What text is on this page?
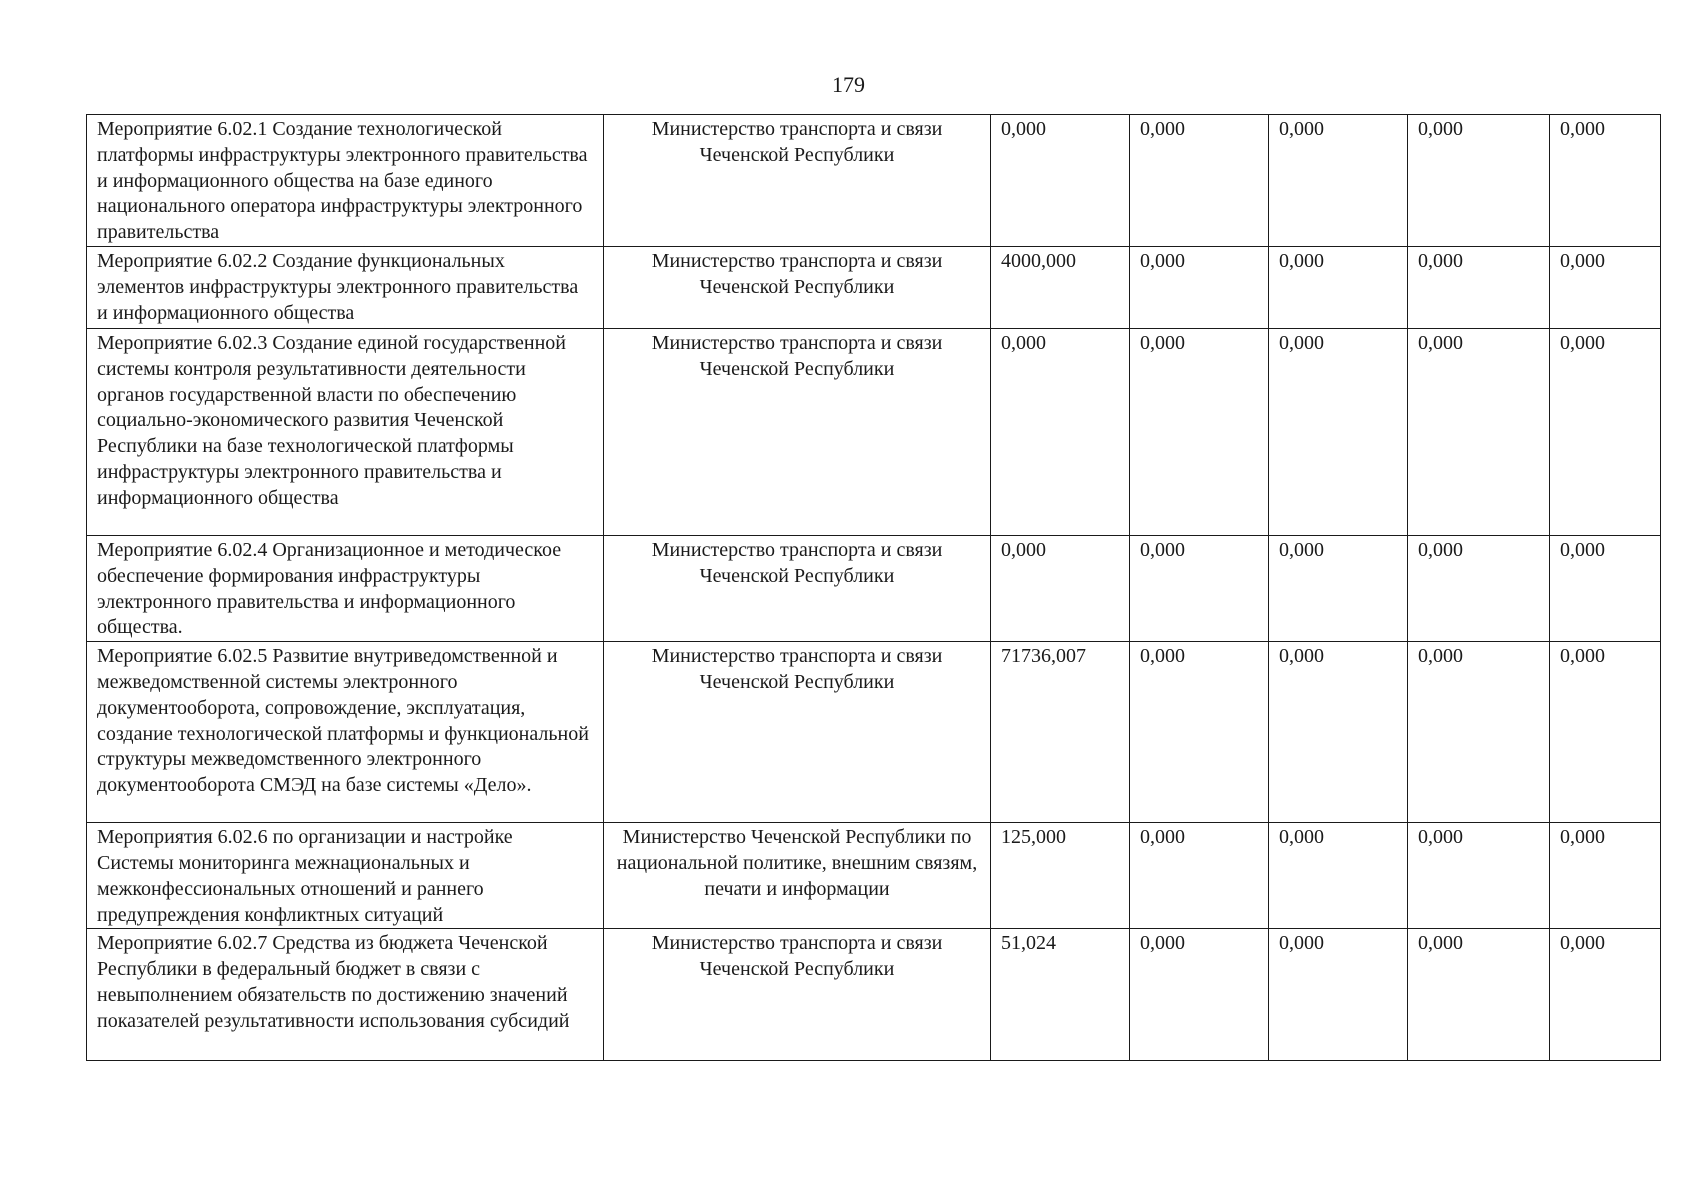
179
Мероприятие 6.02.1 Создание технологической платформы инфраструктуры электронного правительства и информационного общества на базе единого национального оператора инфраструктуры электронного правительства	Министерство транспорта и связи Чеченской Республики	0,000	0,000	0,000	0,000	0,000
Мероприятие 6.02.2 Создание функциональных элементов инфраструктуры электронного правительства и информационного общества	Министерство транспорта и связи Чеченской Республики	4000,000	0,000	0,000	0,000	0,000
Мероприятие 6.02.3 Создание единой государственной системы контроля результативности деятельности органов государственной власти по обеспечению социально-экономического развития Чеченской Республики на базе технологической платформы инфраструктуры электронного правительства и информационного общества	Министерство транспорта и связи Чеченской Республики	0,000	0,000	0,000	0,000	0,000
Мероприятие 6.02.4 Организационное и методическое обеспечение формирования инфраструктуры электронного правительства и информационного общества.	Министерство транспорта и связи Чеченской Республики	0,000	0,000	0,000	0,000	0,000
Мероприятие 6.02.5 Развитие внутриведомственной и межведомственной системы электронного документооборота, сопровождение, эксплуатация, создание технологической платформы и функциональной структуры межведомственного электронного документооборота СМЭД на базе системы «Дело».	Министерство транспорта и связи Чеченской Республики	71736,007	0,000	0,000	0,000	0,000
Мероприятия 6.02.6 по организации и настройке Системы мониторинга межнациональных и межконфессиональных отношений и раннего предупреждения конфликтных ситуаций	Министерство Чеченской Республики по национальной политике, внешним связям, печати и информации	125,000	0,000	0,000	0,000	0,000
Мероприятие 6.02.7 Средства из бюджета Чеченской Республики в федеральный бюджет в связи с невыполнением обязательств по достижению значений показателей результативности использования субсидий	Министерство транспорта и связи Чеченской Республики	51,024	0,000	0,000	0,000	0,000
